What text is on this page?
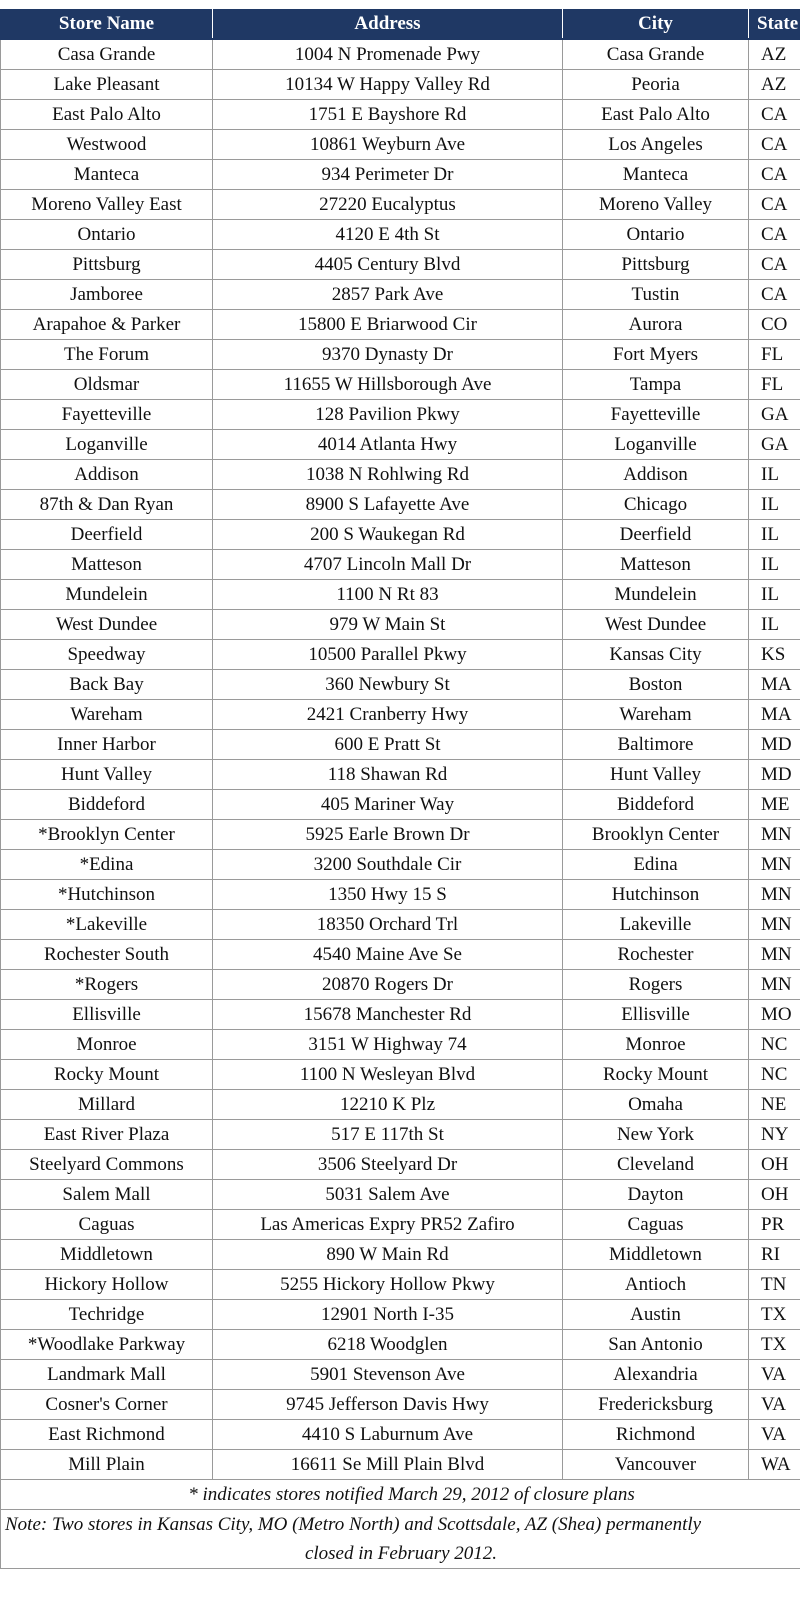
Store Name	Address	City	State
Casa Grande	1004 N Promenade Pwy	Casa Grande	AZ
Lake Pleasant	10134 W Happy Valley Rd	Peoria	AZ
East Palo Alto	1751 E Bayshore Rd	East Palo Alto	CA
Westwood	10861 Weyburn Ave	Los Angeles	CA
Manteca	934 Perimeter Dr	Manteca	CA
Moreno Valley East	27220 Eucalyptus	Moreno Valley	CA
Ontario	4120 E 4th St	Ontario	CA
Pittsburg	4405 Century Blvd	Pittsburg	CA
Jamboree	2857 Park Ave	Tustin	CA
Arapahoe & Parker	15800 E Briarwood Cir	Aurora	CO
The Forum	9370 Dynasty Dr	Fort Myers	FL
Oldsmar	11655 W Hillsborough Ave	Tampa	FL
Fayetteville	128 Pavilion Pkwy	Fayetteville	GA
Loganville	4014 Atlanta Hwy	Loganville	GA
Addison	1038 N Rohlwing Rd	Addison	IL
87th & Dan Ryan	8900 S Lafayette Ave	Chicago	IL
Deerfield	200 S Waukegan Rd	Deerfield	IL
Matteson	4707 Lincoln Mall Dr	Matteson	IL
Mundelein	1100 N Rt 83	Mundelein	IL
West Dundee	979 W Main St	West Dundee	IL
Speedway	10500 Parallel Pkwy	Kansas City	KS
Back Bay	360 Newbury St	Boston	MA
Wareham	2421 Cranberry Hwy	Wareham	MA
Inner Harbor	600 E Pratt St	Baltimore	MD
Hunt Valley	118 Shawan Rd	Hunt Valley	MD
Biddeford	405 Mariner Way	Biddeford	ME
*Brooklyn Center	5925 Earle Brown Dr	Brooklyn Center	MN
*Edina	3200 Southdale Cir	Edina	MN
*Hutchinson	1350 Hwy 15 S	Hutchinson	MN
*Lakeville	18350 Orchard Trl	Lakeville	MN
Rochester South	4540 Maine Ave Se	Rochester	MN
*Rogers	20870 Rogers Dr	Rogers	MN
Ellisville	15678 Manchester Rd	Ellisville	MO
Monroe	3151 W Highway 74	Monroe	NC
Rocky Mount	1100 N Wesleyan Blvd	Rocky Mount	NC
Millard	12210 K Plz	Omaha	NE
East River Plaza	517 E 117th St	New York	NY
Steelyard Commons	3506 Steelyard Dr	Cleveland	OH
Salem Mall	5031 Salem Ave	Dayton	OH
Caguas	Las Americas Expry PR52 Zafiro	Caguas	PR
Middletown	890 W Main Rd	Middletown	RI
Hickory Hollow	5255 Hickory Hollow Pkwy	Antioch	TN
Techridge	12901 North I-35	Austin	TX
*Woodlake Parkway	6218 Woodglen	San Antonio	TX
Landmark Mall	5901 Stevenson Ave	Alexandria	VA
Cosner's Corner	9745 Jefferson Davis Hwy	Fredericksburg	VA
East Richmond	4410 S Laburnum Ave	Richmond	VA
Mill Plain	16611 Se Mill Plain Blvd	Vancouver	WA
* indicates stores notified March 29, 2012 of closure plans			
Note: Two stores in Kansas City, MO (Metro North) and Scottsdale, AZ (Shea) permanently
closed in February 2012.			
